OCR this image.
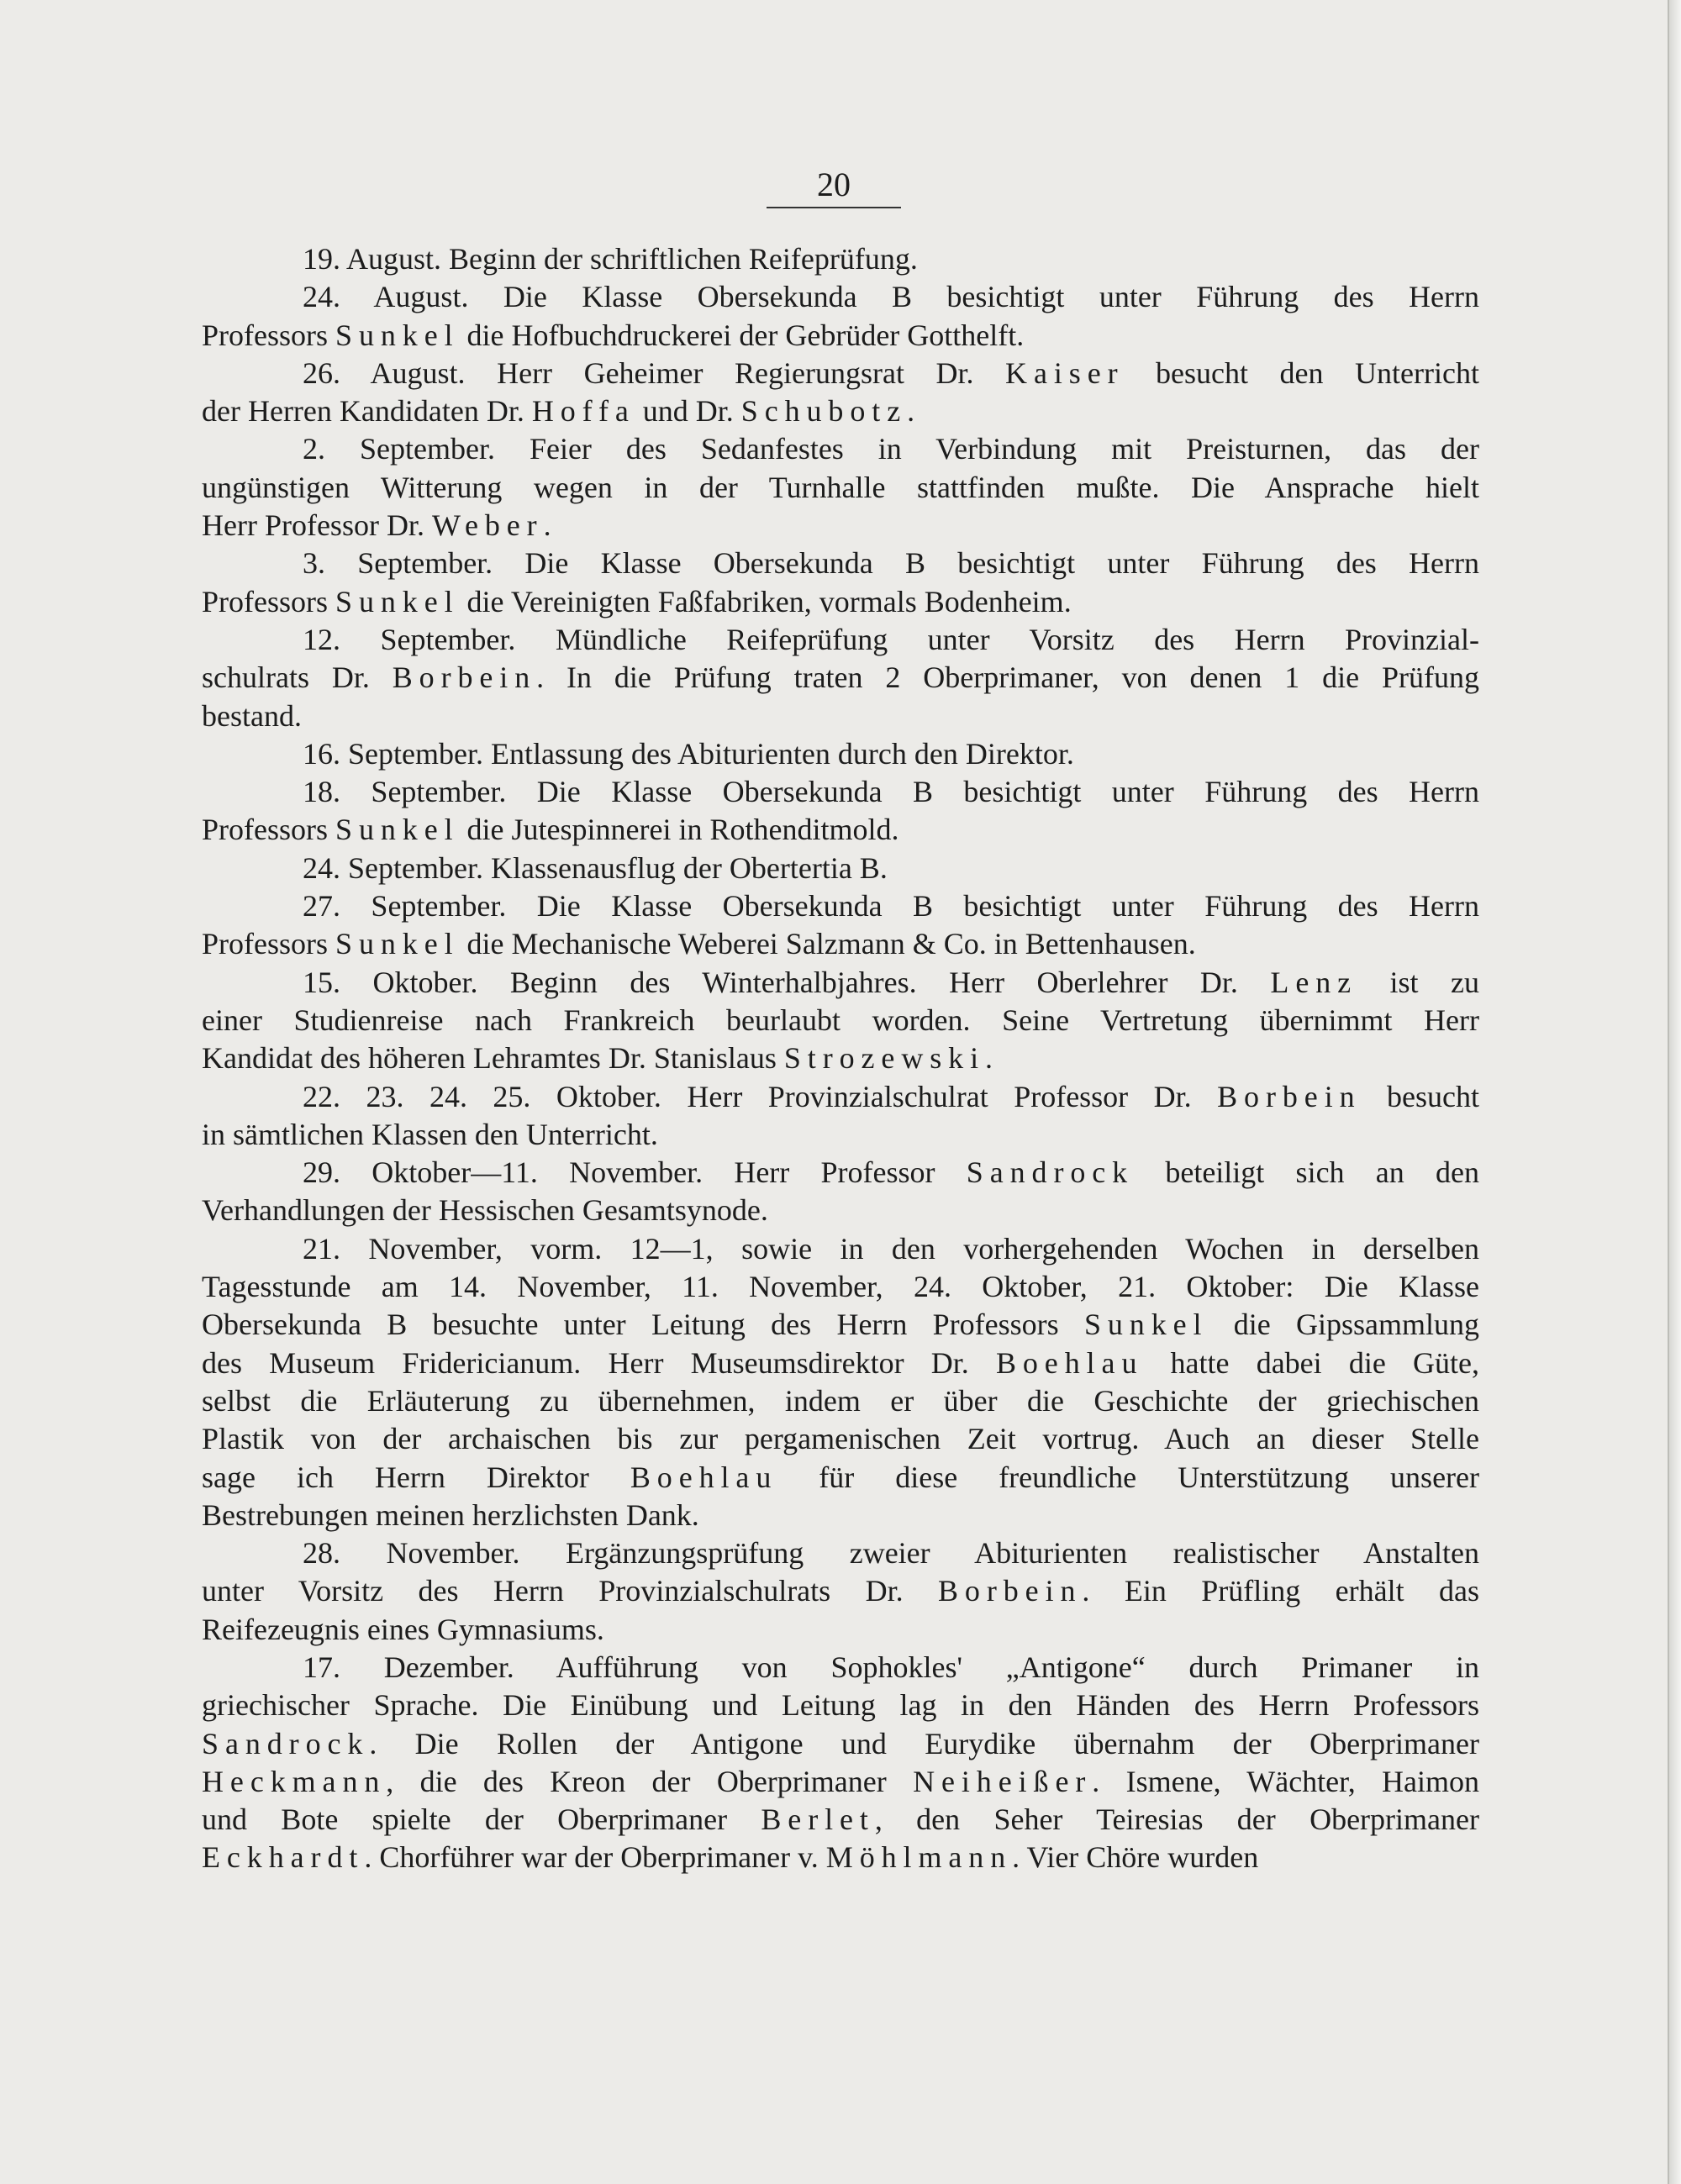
20
19. August. Beginn der schriftlichen Reifeprüfung.
24. August. Die Klasse Obersekunda B besichtigt unter Führung des Herrn
Professors Sunkel die Hofbuchdruckerei der Gebrüder Gotthelft.
26. August. Herr Geheimer Regierungsrat Dr. Kaiser besucht den Unterricht
der Herren Kandidaten Dr. Hoffa und Dr. Schubotz.
2. September. Feier des Sedanfestes in Verbindung mit Preisturnen, das der
ungünstigen Witterung wegen in der Turnhalle stattfinden mußte. Die Ansprache hielt
Herr Professor Dr. Weber.
3. September. Die Klasse Obersekunda B besichtigt unter Führung des Herrn
Professors Sunkel die Vereinigten Faßfabriken, vormals Bodenheim.
12. September. Mündliche Reifeprüfung unter Vorsitz des Herrn Provinzial-
schulrats Dr. Borbein. In die Prüfung traten 2 Oberprimaner, von denen 1 die Prüfung
bestand.
16. September. Entlassung des Abiturienten durch den Direktor.
18. September. Die Klasse Obersekunda B besichtigt unter Führung des Herrn
Professors Sunkel die Jutespinnerei in Rothenditmold.
24. September. Klassenausflug der Obertertia B.
27. September. Die Klasse Obersekunda B besichtigt unter Führung des Herrn
Professors Sunkel die Mechanische Weberei Salzmann & Co. in Bettenhausen.
15. Oktober. Beginn des Winterhalbjahres. Herr Oberlehrer Dr. Lenz ist zu
einer Studienreise nach Frankreich beurlaubt worden. Seine Vertretung übernimmt Herr
Kandidat des höheren Lehramtes Dr. Stanislaus Strozewski.
22. 23. 24. 25. Oktober. Herr Provinzialschulrat Professor Dr. Borbein besucht
in sämtlichen Klassen den Unterricht.
29. Oktober—11. November. Herr Professor Sandrock beteiligt sich an den
Verhandlungen der Hessischen Gesamtsynode.
21. November, vorm. 12—1, sowie in den vorhergehenden Wochen in derselben
Tagesstunde am 14. November, 11. November, 24. Oktober, 21. Oktober: Die Klasse
Obersekunda B besuchte unter Leitung des Herrn Professors Sunkel die Gipssammlung
des Museum Fridericianum. Herr Museumsdirektor Dr. Boehlau hatte dabei die Güte,
selbst die Erläuterung zu übernehmen, indem er über die Geschichte der griechischen
Plastik von der archaischen bis zur pergamenischen Zeit vortrug. Auch an dieser Stelle
sage ich Herrn Direktor Boehlau für diese freundliche Unterstützung unserer
Bestrebungen meinen herzlichsten Dank.
28. November. Ergänzungsprüfung zweier Abiturienten realistischer Anstalten
unter Vorsitz des Herrn Provinzialschulrats Dr. Borbein. Ein Prüfling erhält das
Reifezeugnis eines Gymnasiums.
17. Dezember. Aufführung von Sophokles' „Antigone“ durch Primaner in
griechischer Sprache. Die Einübung und Leitung lag in den Händen des Herrn Professors
Sandrock. Die Rollen der Antigone und Eurydike übernahm der Oberprimaner
Heckmann, die des Kreon der Oberprimaner Neiheißer. Ismene, Wächter, Haimon
und Bote spielte der Oberprimaner Berlet, den Seher Teiresias der Oberprimaner
Eckhardt. Chorführer war der Oberprimaner v. Möhlmann. Vier Chöre wurden
